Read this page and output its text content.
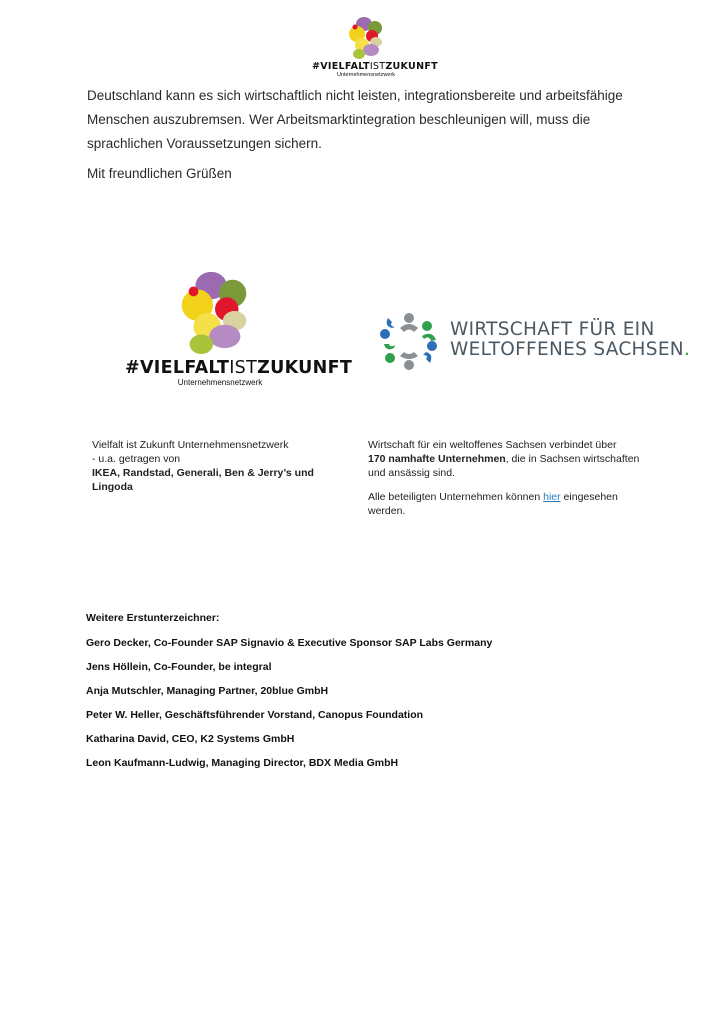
#VIELFALTISTZUKUNFT
Unternehmensnetzwerk

Deutschland kann es sich wirtschaftlich nicht leisten, integrationsbereite und arbeitsfähige Menschen auszubremsen. Wer Arbeitsmarktintegration beschleunigen will, muss die sprachlichen Voraussetzungen sichern.

Mit freundlichen Grüßen

#VIELFALTISTZUKUNFT
Unternehmensnetzwerk
WIRTSCHAFT FÜR EIN
WELTOFFENES SACHSEN.
Vielfalt ist Zukunft Unternehmensnetzwerk
- u.a. getragen von
IKEA, Randstad, Generali, Ben & Jerry’s und Lingoda

Wirtschaft für ein weltoffenes Sachsen verbindet über
170 namhafte Unternehmen, die in Sachsen wirtschaften und ansässig sind.

Alle beteiligten Unternehmen können hier eingesehen werden.

Weitere Erstunterzeichner:
Gero Decker, Co-Founder SAP Signavio & Executive Sponsor SAP Labs Germany
Jens Höllein, Co-Founder, be integral
Anja Mutschler, Managing Partner, 20blue GmbH
Peter W. Heller, Geschäftsführender Vorstand, Canopus Foundation
Katharina David, CEO, K2 Systems GmbH
Leon Kaufmann-Ludwig, Managing Director, BDX Media GmbH
